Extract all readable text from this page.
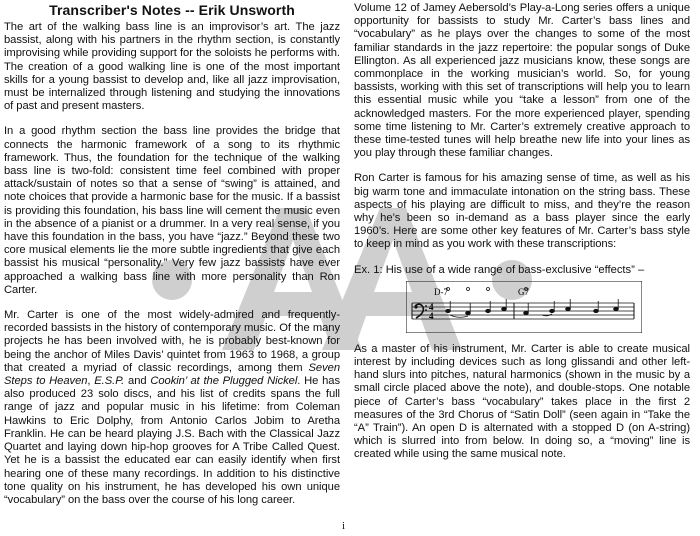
Transcriber's Notes -- Erik Unsworth

The art of the walking bass line is an improvisor’s art. The jazz bassist, along with his partners in the rhythm section, is constantly improvising while providing support for the soloists he performs with. The creation of a good walking line is one of the most important skills for a young bassist to develop and, like all jazz improvisation, must be internalized through listening and studying the innovations of past and present masters.

In a good rhythm section the bass line provides the bridge that connects the harmonic framework of a song to its rhythmic framework. Thus, the foundation for the technique of the walking bass line is two-fold: consistent time feel combined with proper attack/sustain of notes so that a sense of “swing” is attained, and note choices that provide a harmonic base for the music. If a bassist is providing this foundation, his bass line will cement the music even in the absence of a pianist or a drummer. In a very real sense, if you have this foundation in the bass, you have “jazz.” Beyond these two core musical elements lie the more subtle ingredients that give each bassist his musical “personality.” Very few jazz bassists have ever approached a walking bass line with more personality than Ron Carter.

Mr. Carter is one of the most widely-admired and frequently-recorded bassists in the history of contemporary music. Of the many projects he has been involved with, he is probably best-known for being the anchor of Miles Davis’ quintet from 1963 to 1968, a group that created a myriad of classic recordings, among them Seven Steps to Heaven, E.S.P. and Cookin’ at the Plugged Nickel. He has also produced 23 solo discs, and his list of credits spans the full range of jazz and popular music in his lifetime: from Coleman Hawkins to Eric Dolphy, from Antonio Carlos Jobim to Aretha Franklin. He can be heard playing J.S. Bach with the Classical Jazz Quartet and laying down hip-hop grooves for A Tribe Called Quest. Yet he is a bassist the educated ear can easily identify when first hearing one of these many recordings. In addition to his distinctive tone quality on his instrument, he has developed his own unique “vocabulary” on the bass over the course of his long career.

Volume 12 of Jamey Aebersold’s Play-a-Long series offers a unique opportunity for bassists to study Mr. Carter’s bass lines and “vocabulary” as he plays over the changes to some of the most familiar standards in the jazz repertoire: the popular songs of Duke Ellington. As all experienced jazz musicians know, these songs are commonplace in the working musician’s world. So, for young bassists, working with this set of transcriptions will help you to learn this essential music while you “take a lesson” from one of the acknowledged masters. For the more experienced player, spending some time listening to Mr. Carter’s extremely creative approach to these time-tested tunes will help breathe new life into your lines as you play through these familiar changes.

Ron Carter is famous for his amazing sense of time, as well as his big warm tone and immaculate intonation on the string bass. These aspects of his playing are difficult to miss, and they’re the reason why he’s been so in-demand as a bass player since the early 1960’s. Here are some other key features of Mr. Carter’s bass style to keep in mind as you work with these transcriptions:

Ex. 1: His use of a wide range of bass-exclusive “effects” –
D-7	G7
4
4

As a master of his instrument, Mr. Carter is able to create musical interest by including devices such as long glissandi and other left-hand slurs into pitches, natural harmonics (shown in the music by a small circle placed above the note), and double-stops. One notable piece of Carter’s bass “vocabulary” takes place in the first 2 measures of the 3rd Chorus of “Satin Doll” (seen again in “Take the “A” Train”). An open D is alternated with a stopped D (on A-string) which is slurred into from below. In doing so, a “moving” line is created while using the same musical note.

i
